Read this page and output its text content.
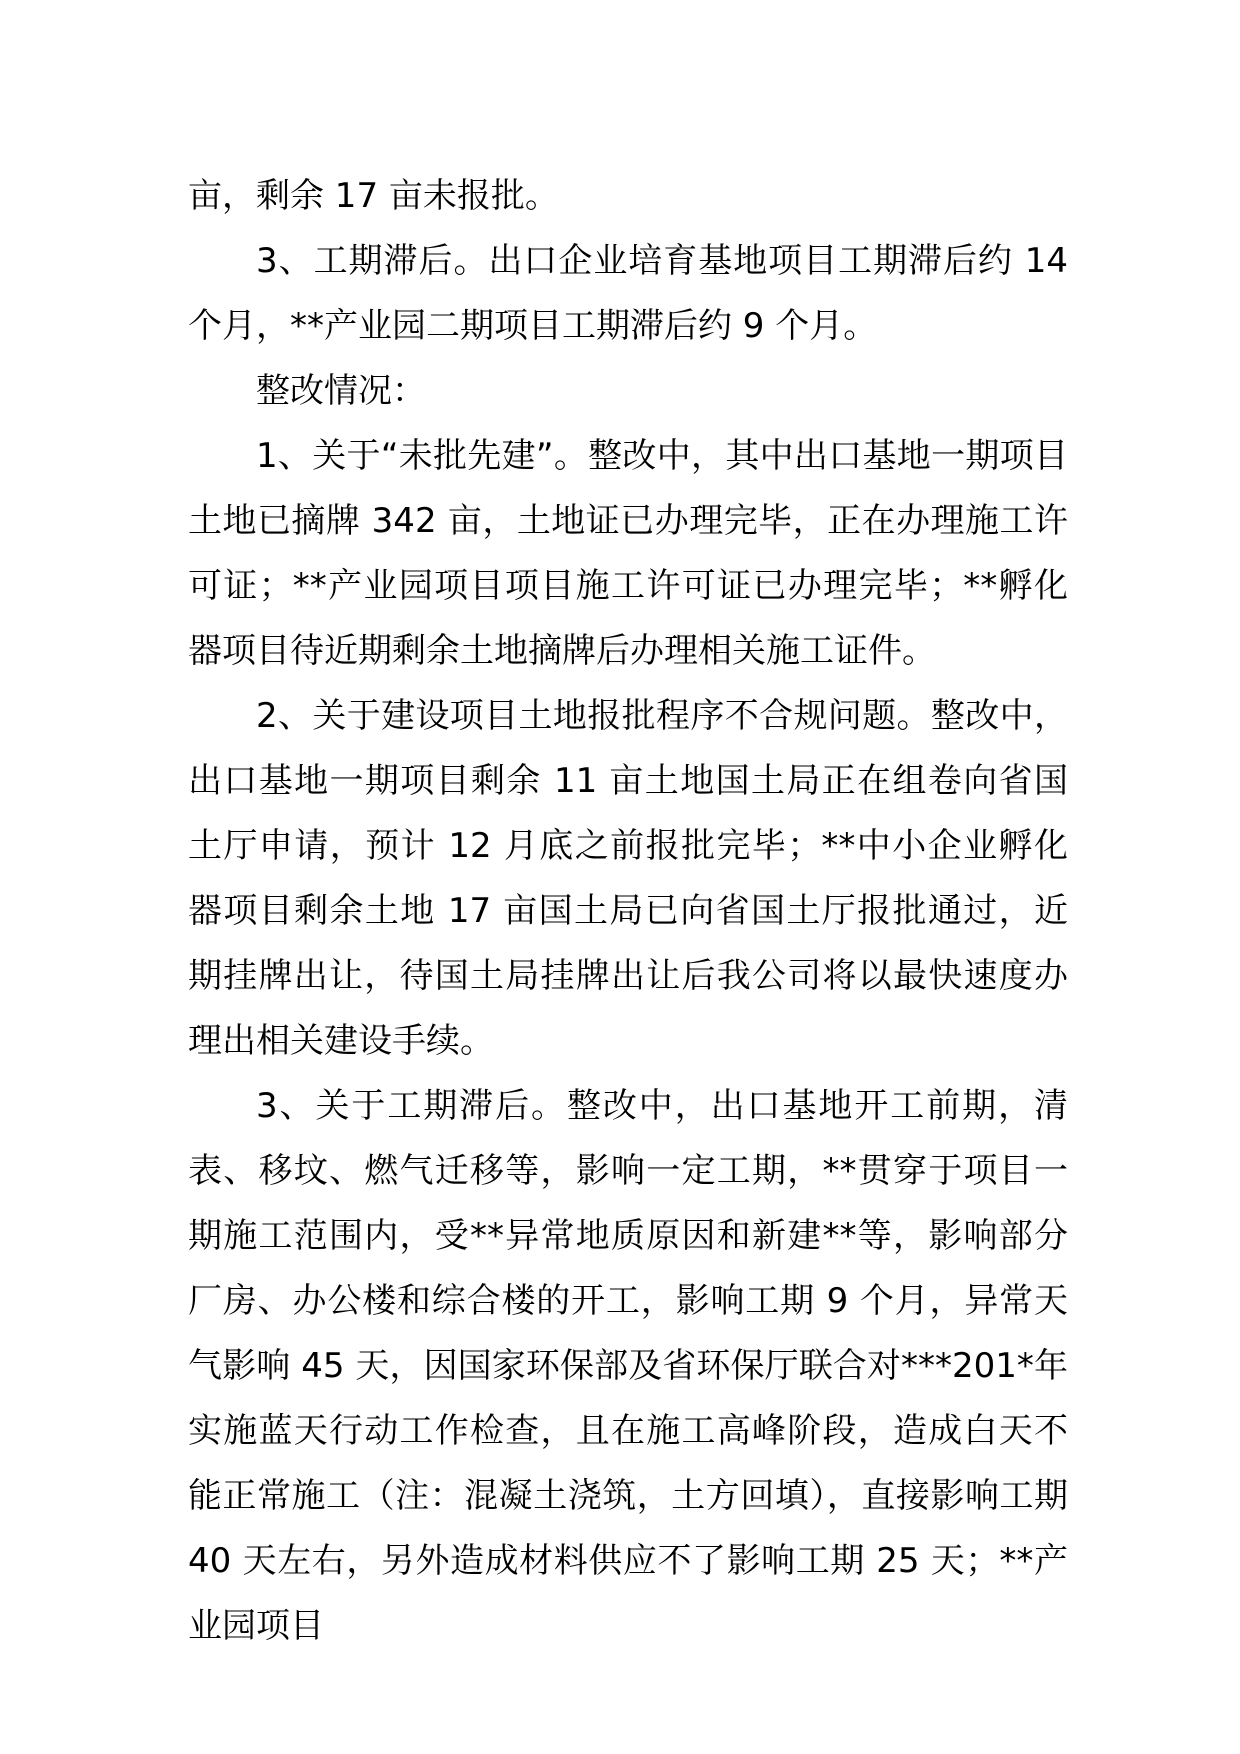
亩，剩余 17 亩未报批。

3、工期滞后。出口企业培育基地项目工期滞后约 14 个月，**产业园二期项目工期滞后约 9 个月。

整改情况：

1、关于“未批先建”。整改中，其中出口基地一期项目土地已摘牌 342 亩，土地证已办理完毕，正在办理施工许可证；**产业园项目项目施工许可证已办理完毕；**孵化器项目待近期剩余土地摘牌后办理相关施工证件。

2、关于建设项目土地报批程序不合规问题。整改中，出口基地一期项目剩余 11 亩土地国土局正在组卷向省国土厅申请，预计 12 月底之前报批完毕；**中小企业孵化器项目剩余土地 17 亩国土局已向省国土厅报批通过，近期挂牌出让，待国土局挂牌出让后我公司将以最快速度办理出相关建设手续。

3、关于工期滞后。整改中，出口基地开工前期，清表、移坟、燃气迁移等，影响一定工期，**贯穿于项目一期施工范围内，受**异常地质原因和新建**等，影响部分厂房、办公楼和综合楼的开工，影响工期 9 个月，异常天气影响 45 天，因国家环保部及省环保厅联合对***201*年实施蓝天行动工作检查，且在施工高峰阶段，造成白天不能正常施工（注：混凝土浇筑，土方回填），直接影响工期 40 天左右，另外造成材料供应不了影响工期 25 天；**产业园项目
